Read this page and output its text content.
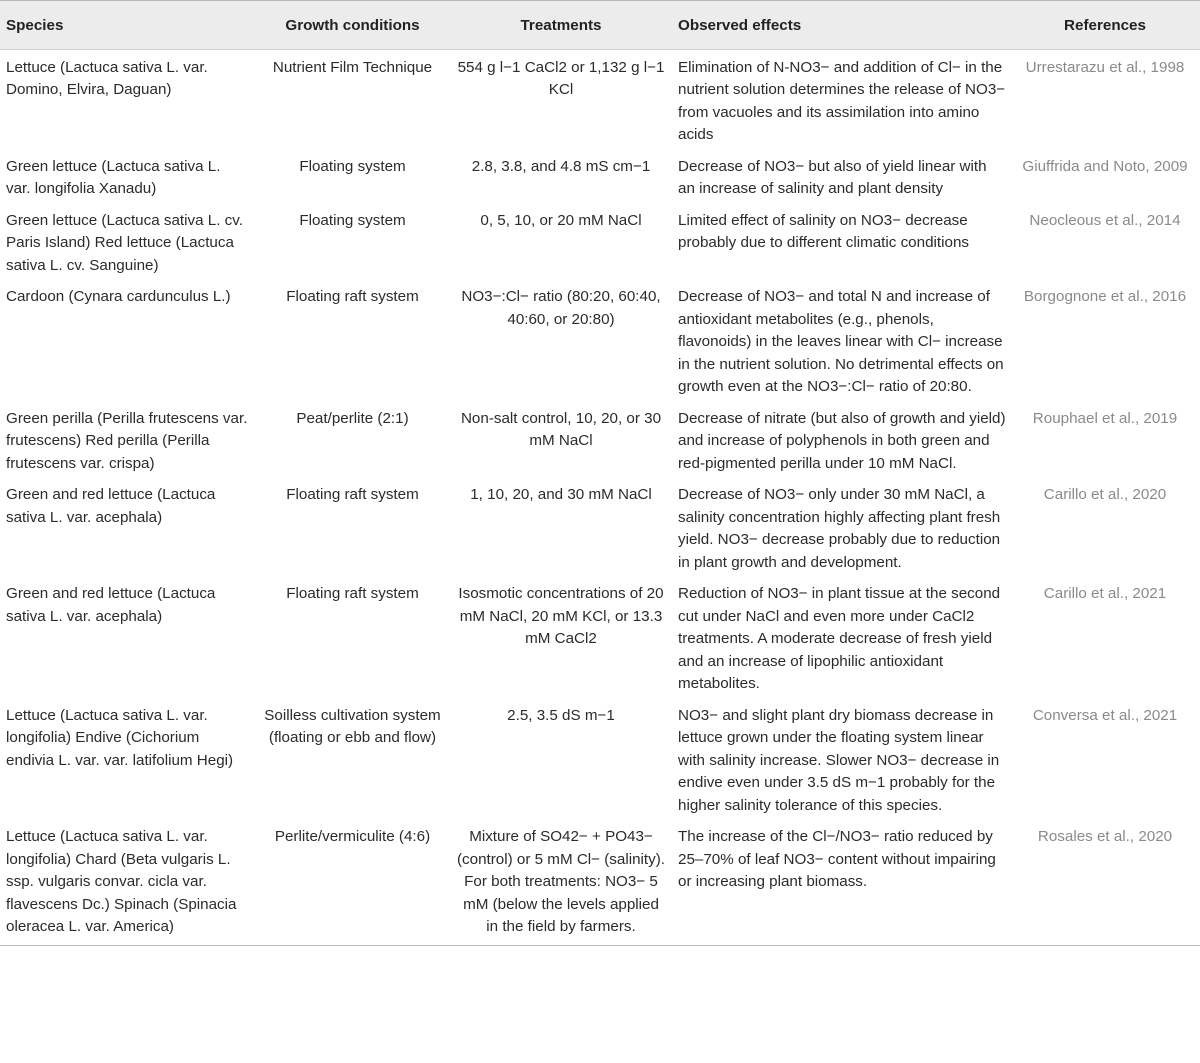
Species	Growth conditions	Treatments	Observed effects	References
Lettuce (Lactuca sativa L. var. Domino, Elvira, Daguan)	Nutrient Film Technique	554 g l−1 CaCl2 or 1,132 g l−1 KCl	Elimination of N-NO3− and addition of Cl− in the nutrient solution determines the release of NO3− from vacuoles and its assimilation into amino acids	Urrestarazu et al., 1998
Green lettuce (Lactuca sativa L. var. longifolia Xanadu)	Floating system	2.8, 3.8, and 4.8 mS cm−1	Decrease of NO3− but also of yield linear with an increase of salinity and plant density	Giuffrida and Noto, 2009
Green lettuce (Lactuca sativa L. cv. Paris Island) Red lettuce (Lactuca sativa L. cv. Sanguine)	Floating system	0, 5, 10, or 20 mM NaCl	Limited effect of salinity on NO3− decrease probably due to different climatic conditions	Neocleous et al., 2014
Cardoon (Cynara cardunculus L.)	Floating raft system	NO3−:Cl− ratio (80:20, 60:40, 40:60, or 20:80)	Decrease of NO3− and total N and increase of antioxidant metabolites (e.g., phenols, flavonoids) in the leaves linear with Cl− increase in the nutrient solution. No detrimental effects on growth even at the NO3−:Cl− ratio of 20:80.	Borgognone et al., 2016
Green perilla (Perilla frutescens var. frutescens) Red perilla (Perilla frutescens var. crispa)	Peat/perlite (2:1)	Non-salt control, 10, 20, or 30 mM NaCl	Decrease of nitrate (but also of growth and yield) and increase of polyphenols in both green and red-pigmented perilla under 10 mM NaCl.	Rouphael et al., 2019
Green and red lettuce (Lactuca sativa L. var. acephala)	Floating raft system	1, 10, 20, and 30 mM NaCl	Decrease of NO3− only under 30 mM NaCl, a salinity concentration highly affecting plant fresh yield. NO3− decrease probably due to reduction in plant growth and development.	Carillo et al., 2020
Green and red lettuce (Lactuca sativa L. var. acephala)	Floating raft system	Isosmotic concentrations of 20 mM NaCl, 20 mM KCl, or 13.3 mM CaCl2	Reduction of NO3− in plant tissue at the second cut under NaCl and even more under CaCl2 treatments. A moderate decrease of fresh yield and an increase of lipophilic antioxidant metabolites.	Carillo et al., 2021
Lettuce (Lactuca sativa L. var. longifolia) Endive (Cichorium endivia L. var. var. latifolium Hegi)	Soilless cultivation system (floating or ebb and flow)	2.5, 3.5 dS m−1	NO3− and slight plant dry biomass decrease in lettuce grown under the floating system linear with salinity increase. Slower NO3− decrease in endive even under 3.5 dS m−1 probably for the higher salinity tolerance of this species.	Conversa et al., 2021
Lettuce (Lactuca sativa L. var. longifolia) Chard (Beta vulgaris L. ssp. vulgaris convar. cicla var. flavescens Dc.) Spinach (Spinacia oleracea L. var. America)	Perlite/vermiculite (4:6)	Mixture of SO42− + PO43− (control) or 5 mM Cl− (salinity). For both treatments: NO3− 5 mM (below the levels applied in the field by farmers.	The increase of the Cl−/NO3− ratio reduced by 25–70% of leaf NO3− content without impairing or increasing plant biomass.	Rosales et al., 2020
